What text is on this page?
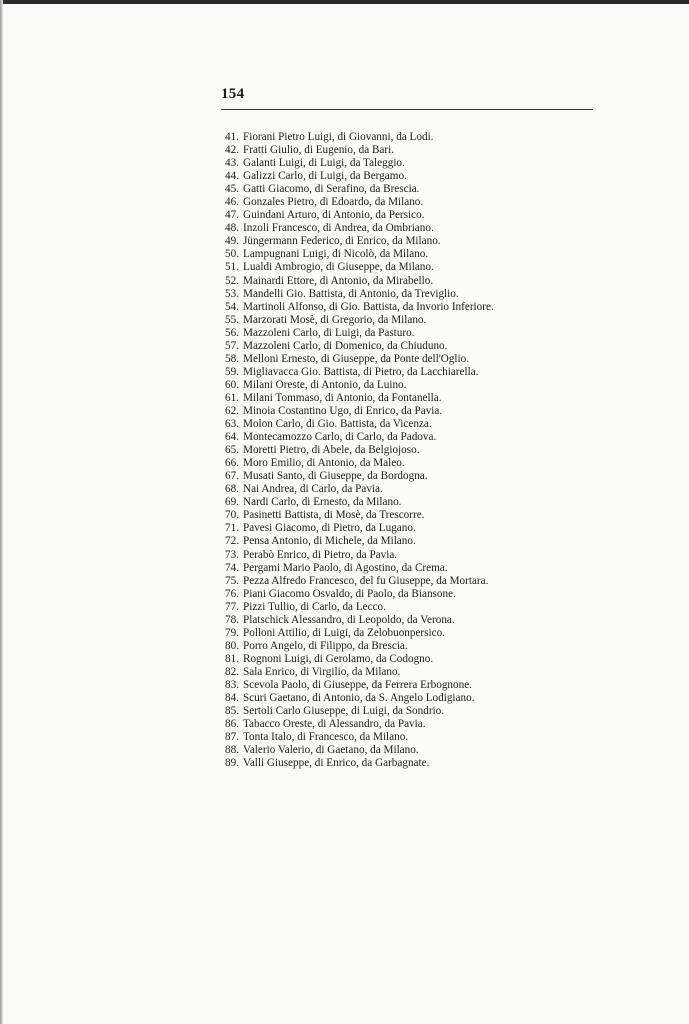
154
41. Fiorani Pietro Luigi, di Giovanni, da Lodi.
42. Fratti Giulio, di Eugenio, da Bari.
43. Galanti Luigi, di Luigi, da Taleggio.
44. Galizzi Carlo, di Luigi, da Bergamo.
45. Gatti Giacomo, di Serafino, da Brescia.
46. Gonzales Pietro, di Edoardo, da Milano.
47. Guindani Arturo, di Antonio, da Persico.
48. Inzoli Francesco, di Andrea, da Ombriano.
49. Jüngermann Federico, di Enrico, da Milano.
50. Lampugnani Luigi, di Nicolò, da Milano.
51. Lualdi Ambrogio, di Giuseppe, da Milano.
52. Mainardi Ettore, di Antonio, da Mirabello.
53. Mandelli Gio. Battista, di Antonio, da Treviglio.
54. Martinoli Alfonso, di Gio. Battista, da Invorio Inferiore.
55. Marzorati Mosè, di Gregorio, da Milano.
56. Mazzoleni Carlo, di Luigi, da Pasturo.
57. Mazzoleni Carlo, di Domenico, da Chiuduno.
58. Melloni Ernesto, di Giuseppe, da Ponte dell'Oglio.
59. Migliavacca Gio. Battista, di Pietro, da Lacchiarella.
60. Milani Oreste, di Antonio, da Luino.
61. Milani Tommaso, di Antonio, da Fontanella.
62. Minoia Costantino Ugo, di Enrico, da Pavia.
63. Molon Carlo, di Gio. Battista, da Vicenza.
64. Montecamozzo Carlo, di Carlo, da Padova.
65. Moretti Pietro, di Abele, da Belgiojoso.
66. Moro Emilio, di Antonio, da Maleo.
67. Musati Santo, di Giuseppe, da Bordogna.
68. Nai Andrea, di Carlo, da Pavia.
69. Nardi Carlo, di Ernesto, da Milano.
70. Pasinetti Battista, di Mosè, da Trescorre.
71. Pavesi Giacomo, di Pietro, da Lugano.
72. Pensa Antonio, di Michele, da Milano.
73. Perabò Enrico, di Pietro, da Pavia.
74. Pergami Mario Paolo, di Agostino, da Crema.
75. Pezza Alfredo Francesco, del fu Giuseppe, da Mortara.
76. Piani Giacomo Osvaldo, di Paolo, da Biansone.
77. Pizzi Tullio, di Carlo, da Lecco.
78. Platschick Alessandro, di Leopoldo, da Verona.
79. Polloni Attilio, di Luigi, da Zelobuonpersico.
80. Porro Angelo, di Filippo, da Brescia.
81. Rognoni Luigi, di Gerolamo, da Codogno.
82. Sala Enrico, di Virgilio, da Milano.
83. Scevola Paolo, di Giuseppe, da Ferrera Erbognone.
84. Scuri Gaetano, di Antonio, da S. Angelo Lodigiano.
85. Sertoli Carlo Giuseppe, di Luigi, da Sondrio.
86. Tabacco Oreste, di Alessandro, da Pavia.
87. Tonta Italo, di Francesco, da Milano.
88. Valerio Valerio, di Gaetano, da Milano.
89. Valli Giuseppe, di Enrico, da Garbagnate.
